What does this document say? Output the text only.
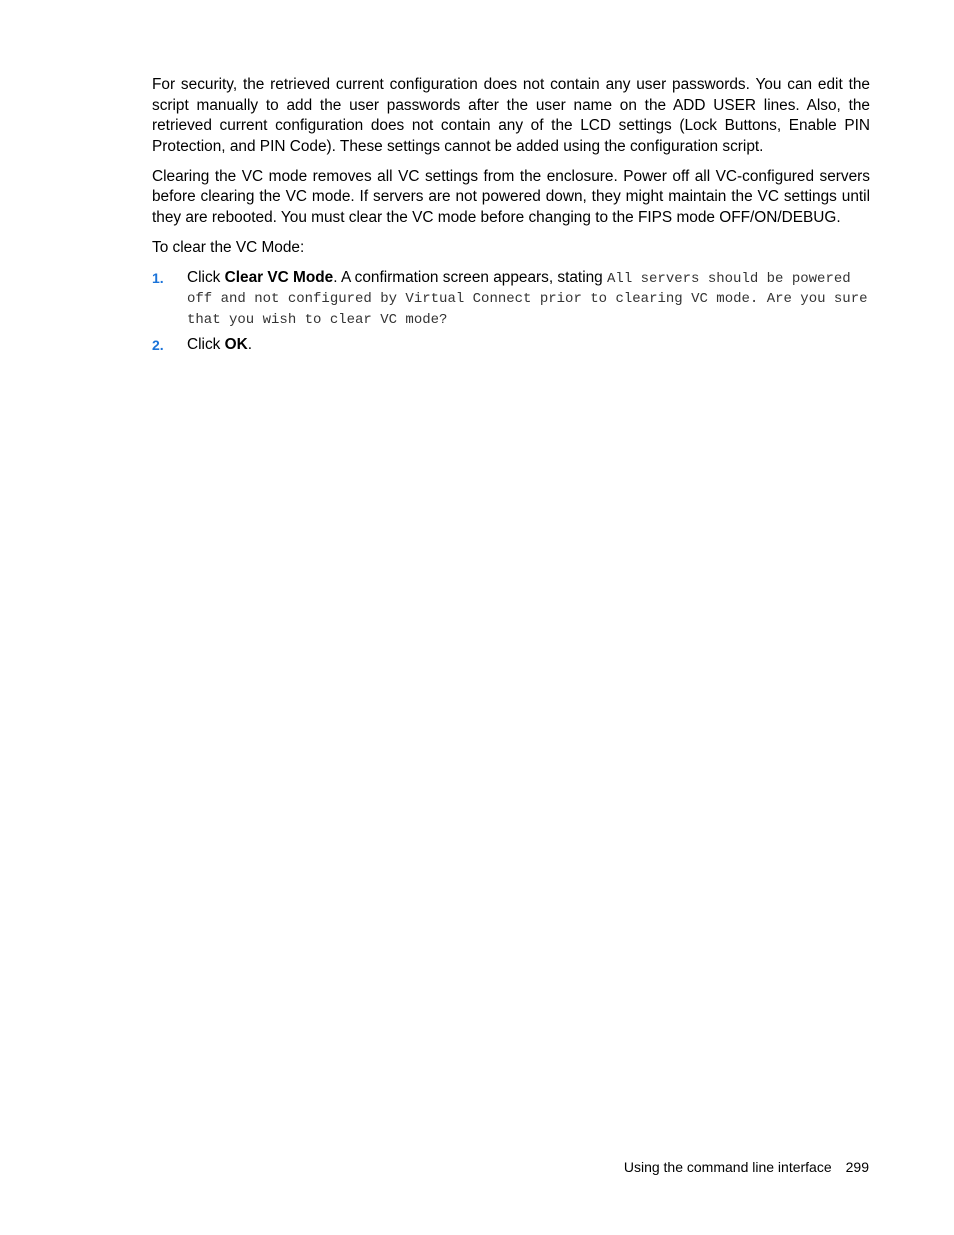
For security, the retrieved current configuration does not contain any user passwords. You can edit the script manually to add the user passwords after the user name on the ADD USER lines. Also, the retrieved current configuration does not contain any of the LCD settings (Lock Buttons, Enable PIN Protection, and PIN Code). These settings cannot be added using the configuration script.

Clearing the VC mode removes all VC settings from the enclosure. Power off all VC-configured servers before clearing the VC mode. If servers are not powered down, they might maintain the VC settings until they are rebooted. You must clear the VC mode before changing to the FIPS mode OFF/ON/DEBUG.

To clear the VC Mode:

1. Click Clear VC Mode. A confirmation screen appears, stating All servers should be powered off and not configured by Virtual Connect prior to clearing VC mode. Are you sure that you wish to clear VC mode?
2. Click OK.
Using the command line interface 299
